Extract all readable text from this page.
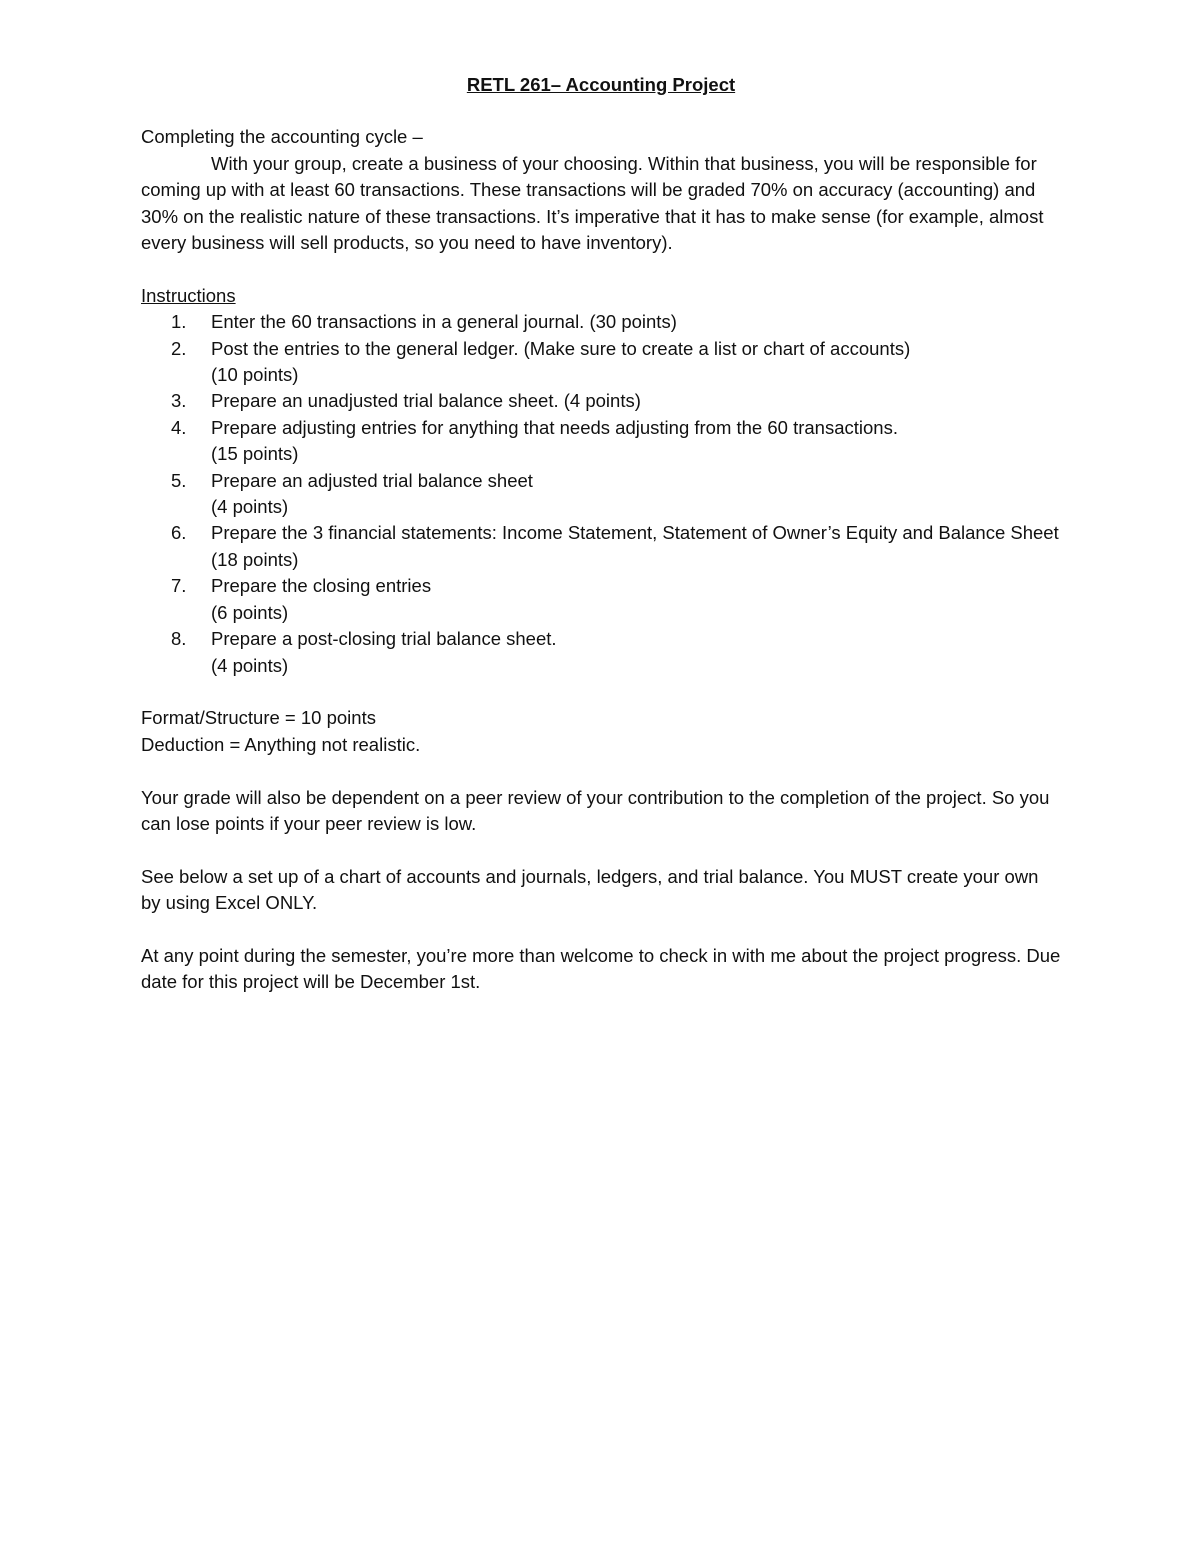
RETL 261– Accounting Project

Completing the accounting cycle –

With your group, create a business of your choosing. Within that business, you will be responsible for coming up with at least 60 transactions. These transactions will be graded 70% on accuracy (accounting) and 30% on the realistic nature of these transactions. It’s imperative that it has to make sense (for example, almost every business will sell products, so you need to have inventory).

Instructions

1.	Enter the 60 transactions in a general journal. (30 points)
2.	Post the entries to the general ledger. (Make sure to create a list or chart of accounts)
(10 points)
3.	Prepare an unadjusted trial balance sheet. (4 points)
4.	Prepare adjusting entries for anything that needs adjusting from the 60 transactions.
(15 points)
5.	Prepare an adjusted trial balance sheet
(4 points)
6.	Prepare the 3 financial statements: Income Statement, Statement of Owner’s Equity and Balance Sheet
(18 points)
7.	Prepare the closing entries
(6 points)
8.	Prepare a post-closing trial balance sheet.
(4 points)

Format/Structure = 10 points

Deduction = Anything not realistic.

Your grade will also be dependent on a peer review of your contribution to the completion of the project. So you can lose points if your peer review is low.

See below a set up of a chart of accounts and journals, ledgers, and trial balance. You MUST create your own by using Excel ONLY.

At any point during the semester, you’re more than welcome to check in with me about the project progress. Due date for this project will be December 1st.
